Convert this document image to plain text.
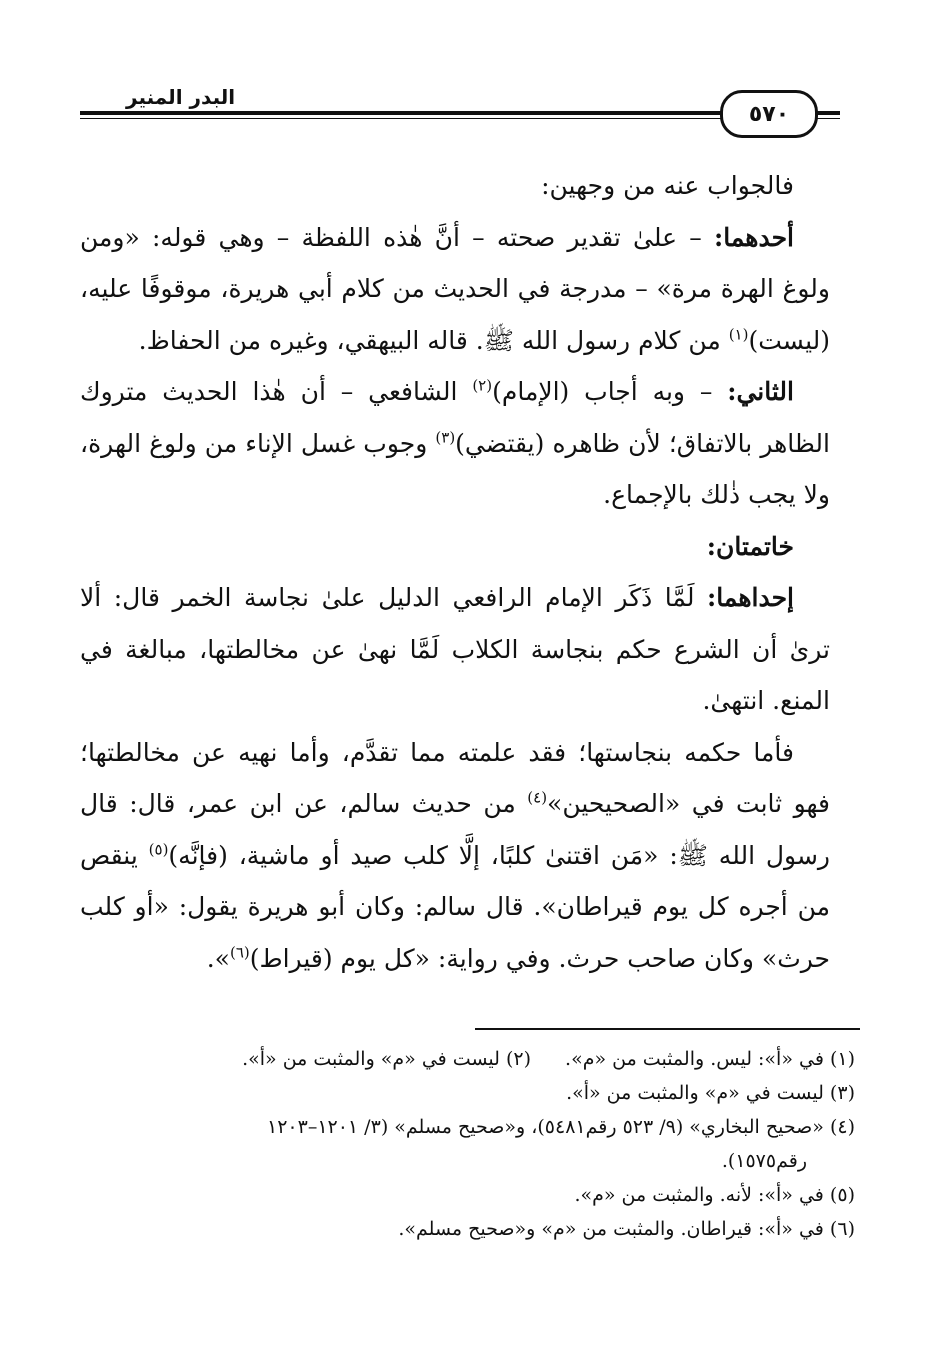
البدر المنير
٥٧٠

فالجواب عنه من وجهين:

أحدهما: – علىٰ تقدير صحته – أنَّ هٰذه اللفظة – وهي قوله: «ومن ولوغ الهرة مرة» – مدرجة في الحديث من كلام أبي هريرة، موقوفًا عليه، (ليست)$^{(١)}$ من كلام رسول الله ﷺ. قاله البيهقي، وغيره من الحفاظ.

الثاني: – وبه أجاب (الإمام)$^{(٢)}$ الشافعي – أن هٰذا الحديث متروك الظاهر بالاتفاق؛ لأن ظاهره (يقتضي)$^{(٣)}$ وجوب غسل الإناء من ولوغ الهرة، ولا يجب ذٰلك بالإجماع.

خاتمتان:

إحداهما: لَمَّا ذَكَر الإمام الرافعي الدليل علىٰ نجاسة الخمر قال: ألا ترىٰ أن الشرع حكم بنجاسة الكلاب لَمَّا نهىٰ عن مخالطتها، مبالغة في المنع. انتهىٰ.

فأما حكمه بنجاستها؛ فقد علمته مما تقدَّم، وأما نهيه عن مخالطتها؛ فهو ثابت في «الصحيحين»$^{(٤)}$ من حديث سالم، عن ابن عمر، قال: قال رسول الله ﷺ: «مَن اقتنىٰ كلبًا، إلَّا كلب صيد أو ماشية، (فإنَّه)$^{(٥)}$ ينقص من أجره كل يوم قيراطان». قال سالم: وكان أبو هريرة يقول: «أو كلب حرث» وكان صاحب حرث. وفي رواية: «كل يوم (قيراط)$^{(٦)}$».

(١) في «أ»: ليس. والمثبت من «م».
(٢) ليست في «م» والمثبت من «أ».
(٣) ليست في «م» والمثبت من «أ».
(٤) «صحيح البخاري» (٩/ ٥٢٣ رقم٥٤٨١)، و«صحيح مسلم» (٣/ ١٢٠١–١٢٠٣
رقم١٥٧٥).
(٥) في «أ»: لأنه. والمثبت من «م».
(٦) في «أ»: قيراطان. والمثبت من «م» و«صحيح مسلم».
